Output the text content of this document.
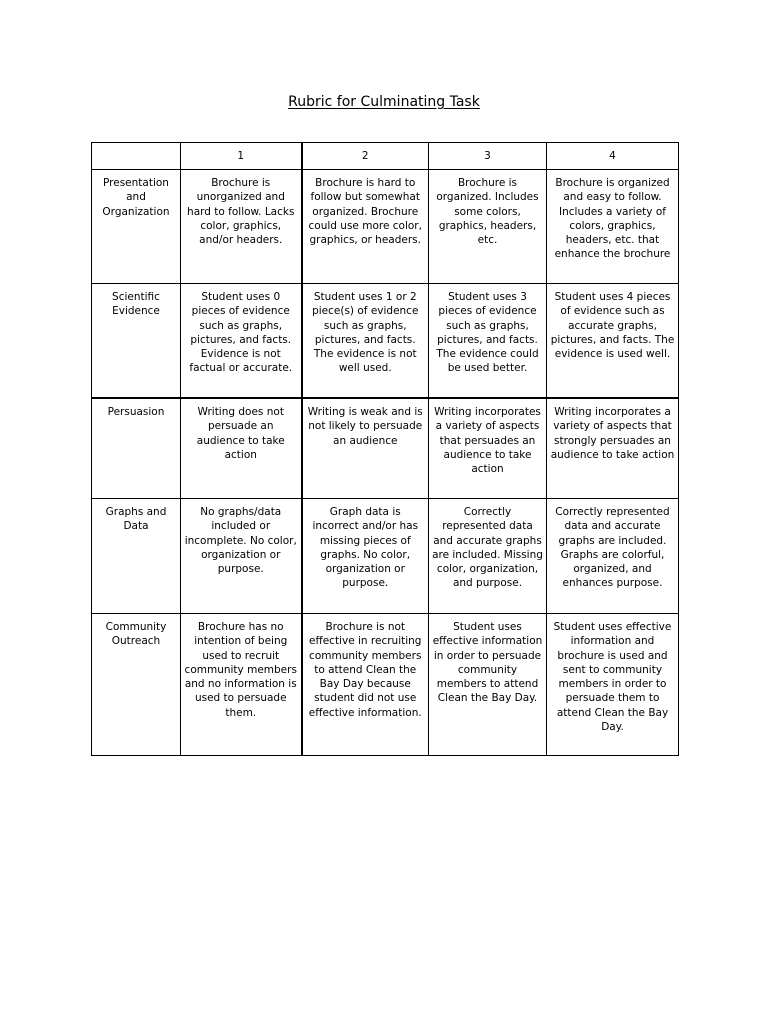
Rubric for Culminating Task
	1	2	3	4
Presentation and Organization	Brochure is unorganized and hard to follow. Lacks color, graphics, and/or headers.	Brochure is hard to follow but somewhat organized. Brochure could use more color, graphics, or headers.	Brochure is organized. Includes some colors, graphics, headers, etc.	Brochure is organized and easy to follow. Includes a variety of colors, graphics, headers, etc. that enhance the brochure
Scientific Evidence	Student uses 0 pieces of evidence such as graphs, pictures, and facts. Evidence is not factual or accurate.	Student uses 1 or 2 piece(s) of evidence such as graphs, pictures, and facts. The evidence is not well used.	Student uses 3 pieces of evidence such as graphs, pictures, and facts. The evidence could be used better.	Student uses 4 pieces of evidence such as accurate graphs, pictures, and facts. The evidence is used well.
Persuasion	Writing does not persuade an audience to take action	Writing is weak and is not likely to persuade an audience	Writing incorporates a variety of aspects that persuades an audience to take action	Writing incorporates a variety of aspects that strongly persuades an audience to take action
Graphs and Data	No graphs/data included or incomplete. No color, organization or purpose.	Graph data is incorrect and/or has missing pieces of graphs. No color, organization or purpose.	Correctly represented data and accurate graphs are included. Missing color, organization, and purpose.	Correctly represented data and accurate graphs are included. Graphs are colorful, organized, and enhances purpose.
Community Outreach	Brochure has no intention of being used to recruit community members and no information is used to persuade them.	Brochure is not effective in recruiting community members to attend Clean the Bay Day because student did not use effective information.	Student uses effective information in order to persuade community members to attend Clean the Bay Day.	Student uses effective information and brochure is used and sent to community members in order to persuade them to attend Clean the Bay Day.
